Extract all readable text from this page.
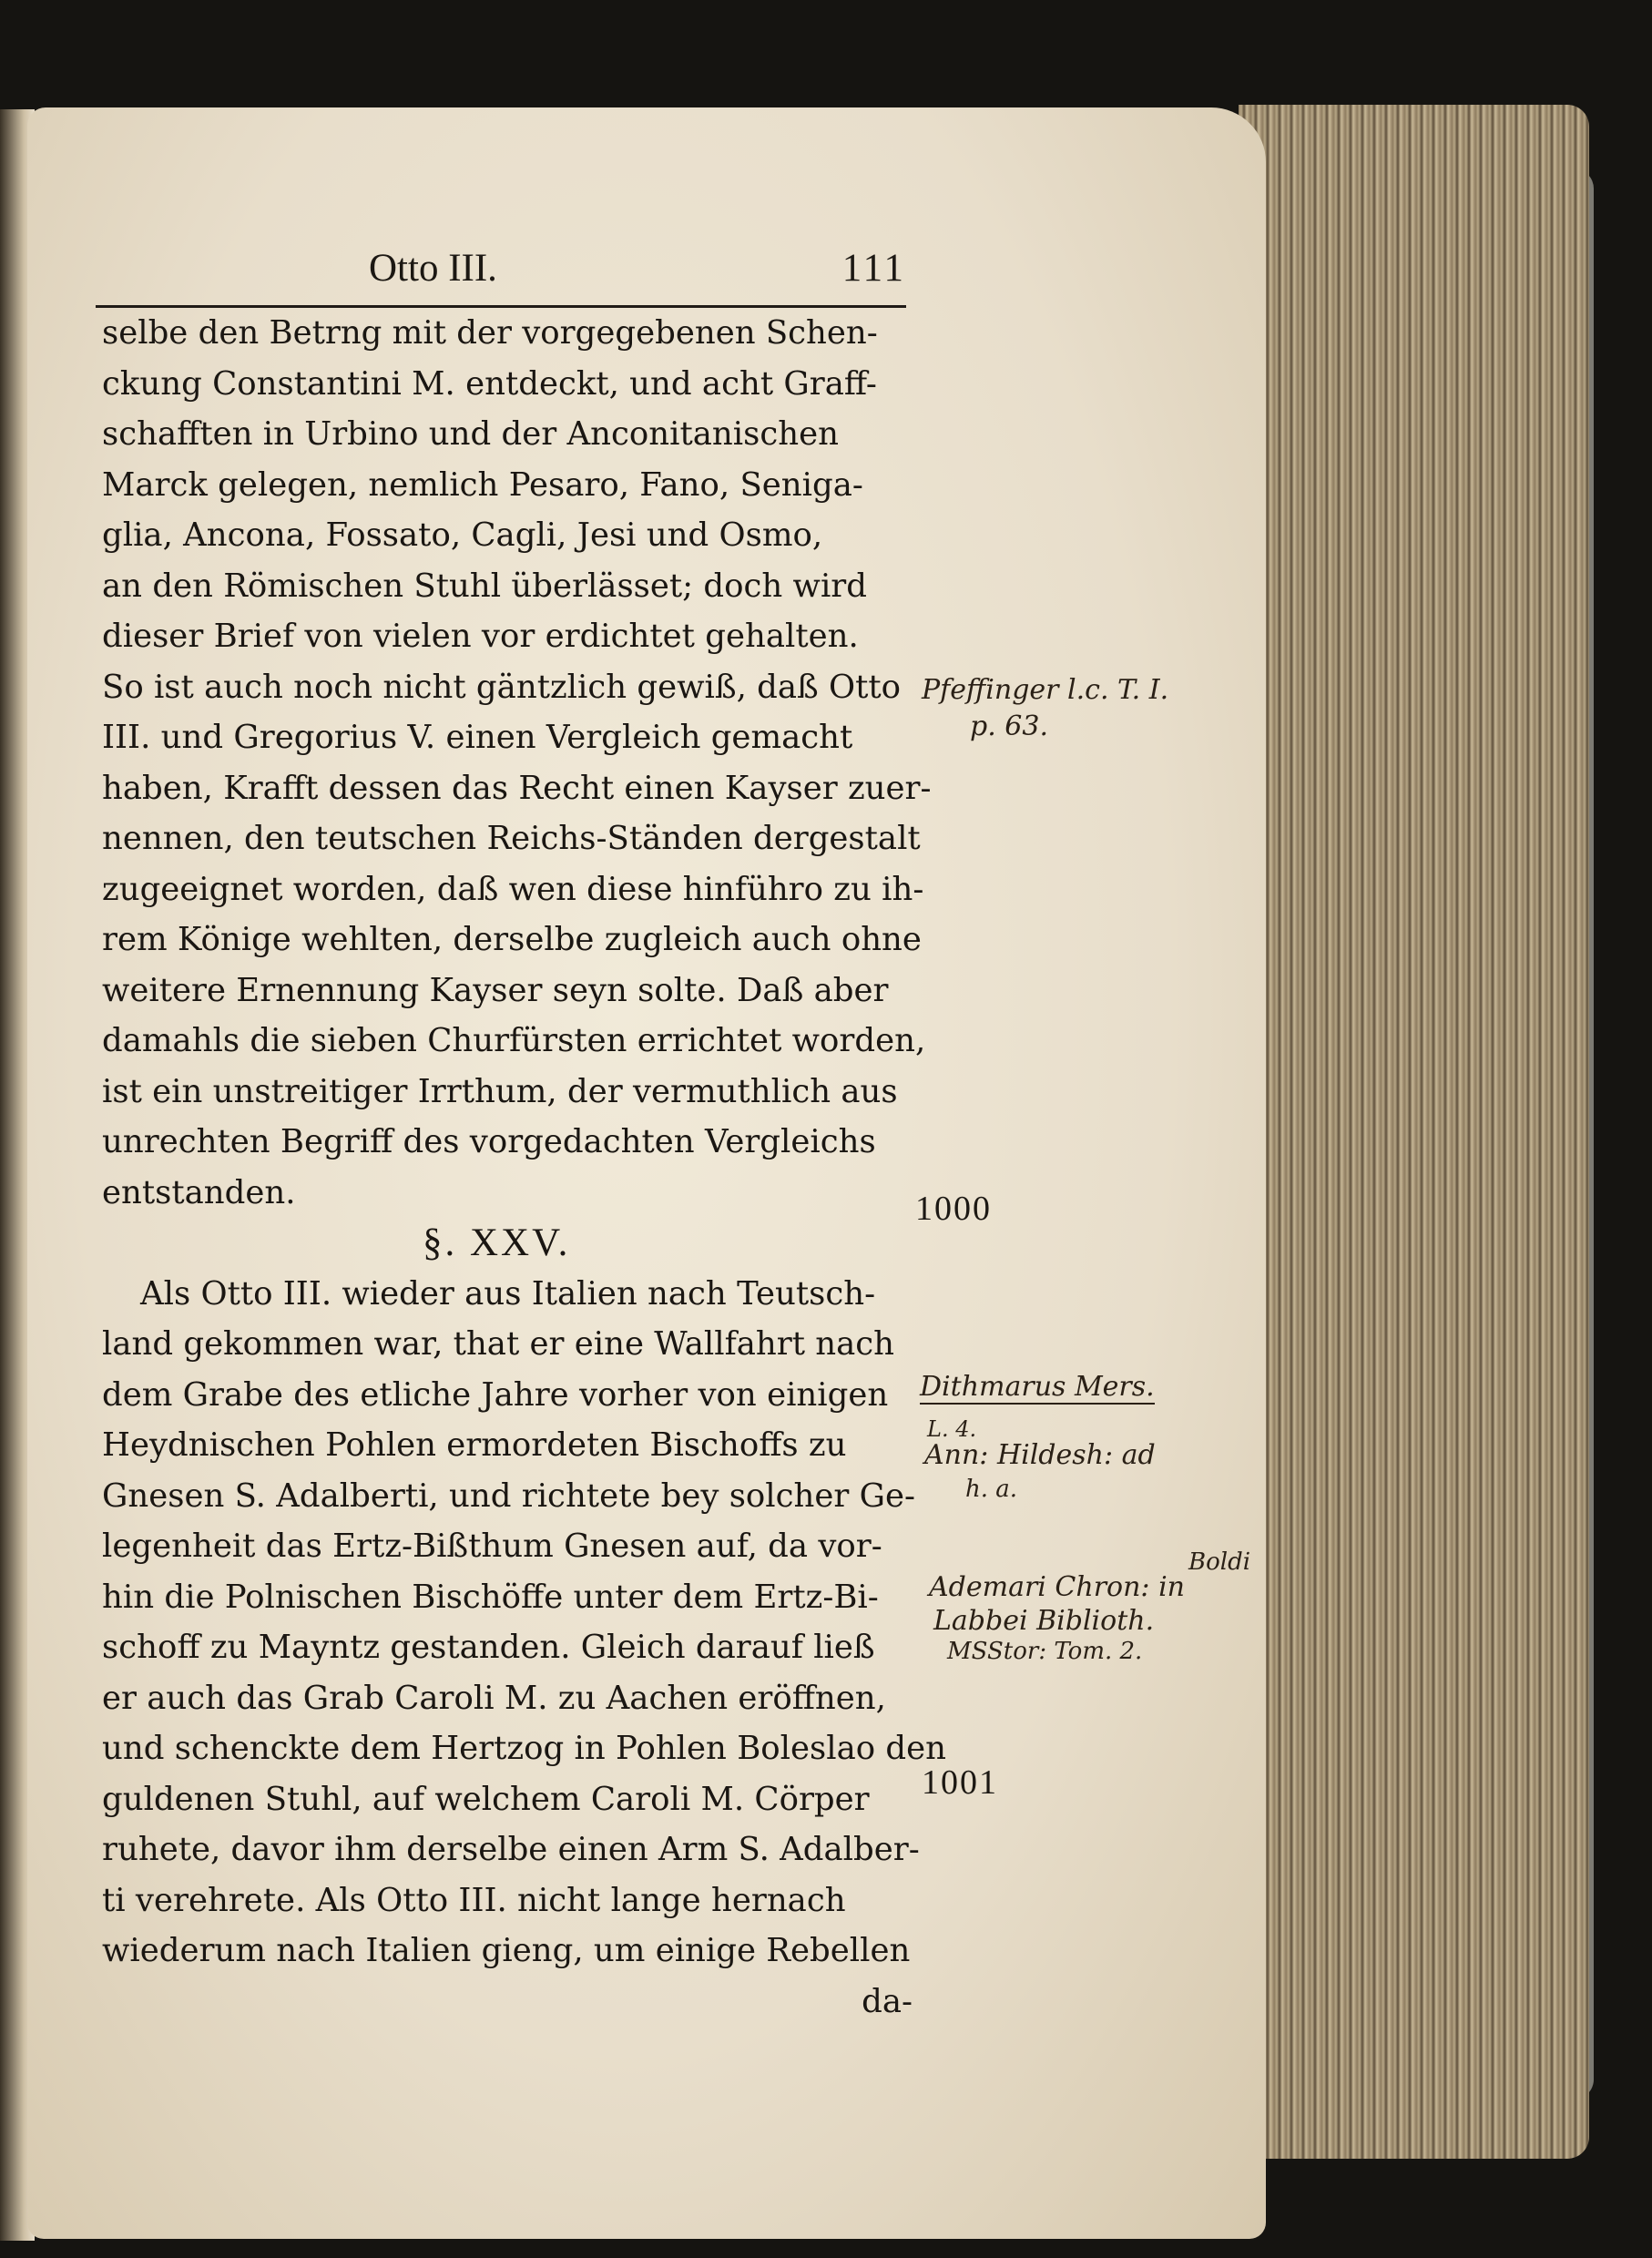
Otto III.	111
selbe den Betrng mit der vorgegebenen Schen-
ckung Constantini M. entdeckt, und acht Graff-
schafften in Urbino und der Anconitanischen
Marck gelegen, nemlich Pesaro, Fano, Seniga-
glia, Ancona, Fossato, Cagli, Jesi und Osmo,
an den Römischen Stuhl überlässet; doch wird
dieser Brief von vielen vor erdichtet gehalten.
So ist auch noch nicht gäntzlich gewiß, daß Otto
III. und Gregorius V. einen Vergleich gemacht
haben, Krafft dessen das Recht einen Kayser zuer-
nennen, den teutschen Reichs-Ständen dergestalt
zugeeignet worden, daß wen diese hinführo zu ih-
rem Könige wehlten, derselbe zugleich auch ohne
weitere Ernennung Kayser seyn solte. Daß aber
damahls die sieben Churfürsten errichtet worden,
ist ein unstreitiger Irrthum, der vermuthlich aus
unrechten Begriff des vorgedachten Vergleichs
entstanden.
§. XXV.
Als Otto III. wieder aus Italien nach Teutsch-
land gekommen war, that er eine Wallfahrt nach
dem Grabe des etliche Jahre vorher von einigen
Heydnischen Pohlen ermordeten Bischoffs zu
Gnesen S. Adalberti, und richtete bey solcher Ge-
legenheit das Ertz-Bißthum Gnesen auf, da vor-
hin die Polnischen Bischöffe unter dem Ertz-Bi-
schoff zu Mayntz gestanden. Gleich darauf ließ
er auch das Grab Caroli M. zu Aachen eröffnen,
und schenckte dem Hertzog in Pohlen Boleslao den
guldenen Stuhl, auf welchem Caroli M. Cörper
ruhete, davor ihm derselbe einen Arm S. Adalber-
ti verehrete. Als Otto III. nicht lange hernach
wiederum nach Italien gieng, um einige Rebellen
da-
1000
1001
Pfeffinger l.c. T. I.
p. 63.
Dithmarus Mers.
L. 4.
Ann: Hildesh: ad
h. a.
Boldi
Ademari Chron: in
Labbei Biblioth.
MSStor: Tom. 2.
